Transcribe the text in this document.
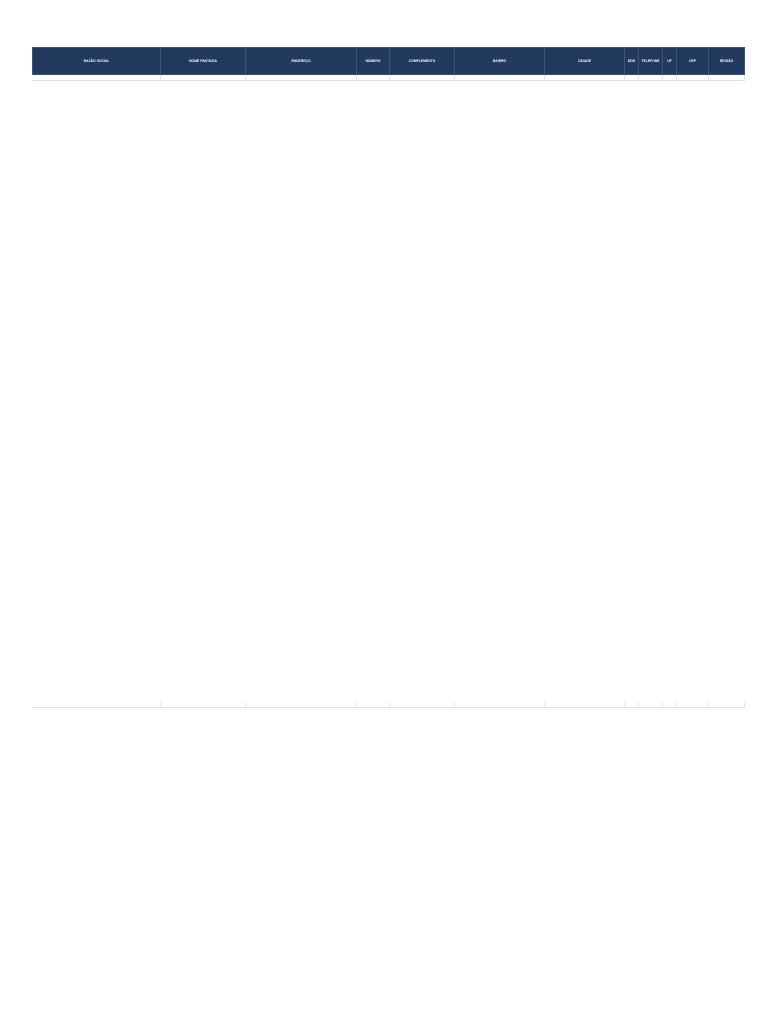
RAZÃO SOCIAL	NOME FANTASIA	ENDEREÇO	NÚMERO	COMPLEMENTO	BAIRRO	CIDADE	DDD	TELEFONE	UF	CEP	REGIÃO
